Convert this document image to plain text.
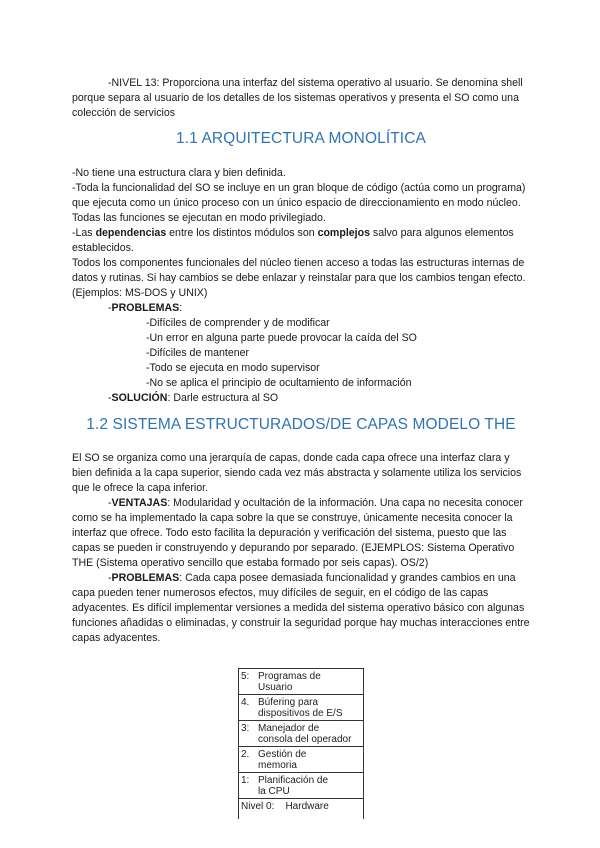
-NIVEL 13: Proporciona una interfaz del sistema operativo al usuario. Se denomina shell porque separa al usuario de los detalles de los sistemas operativos y presenta el SO como una colección de servicios

1.1 ARQUITECTURA MONOLÍTICA
-No tiene una estructura clara y bien definida.
-Toda la funcionalidad del SO se incluye en un gran bloque de código (actúa como un programa) que ejecuta como un único proceso con un único espacio de direccionamiento en modo núcleo. Todas las funciones se ejecutan en modo privilegiado.
-Las dependencias entre los distintos módulos son complejos salvo para algunos elementos establecidos.
Todos los componentes funcionales del núcleo tienen acceso a todas las estructuras internas de datos y rutinas. Si hay cambios se debe enlazar y reinstalar para que los cambios tengan efecto. (Ejemplos: MS-DOS y UNIX)
-PROBLEMAS:
-Difíciles de comprender y de modificar
-Un error en alguna parte puede provocar la caída del SO
-Difíciles de mantener
-Todo se ejecuta en modo supervisor
-No se aplica el principio de ocultamiento de información
-SOLUCIÓN: Darle estructura al SO
1.2 SISTEMA ESTRUCTURADOS/DE CAPAS MODELO THE
El SO se organiza como una jerarquía de capas, donde cada capa ofrece una interfaz clara y bien definida a la capa superior, siendo cada vez más abstracta y solamente utiliza los servicios que le ofrece la capa inferior.
-VENTAJAS: Modularidad y ocultación de la información. Una capa no necesita conocer como se ha implementado la capa sobre la que se construye, únicamente necesita conocer la interfaz que ofrece. Todo esto facilita la depuración y verificación del sistema, puesto que las capas se pueden ir construyendo y depurando por separado. (EJEMPLOS: Sistema Operativo THE (Sistema operativo sencillo que estaba formado por seis capas). OS/2)
-PROBLEMAS: Cada capa posee demasiada funcionalidad y grandes cambios en una capa pueden tener numerosos efectos, muy difíciles de seguir, en el código de las capas adyacentes. Es difícil implementar versiones a medida del sistema operativo básico con algunas funciones añadidas o eliminadas, y construir la seguridad porque hay muchas interacciones entre capas adyacentes.
5: Programas de
Usuario
4. Búfering para
dispositivos de E/S
3: Manejador de
consola del operador
2. Gestión de
memoria
1: Planificación de
la CPU
Nivel 0:    Hardware
